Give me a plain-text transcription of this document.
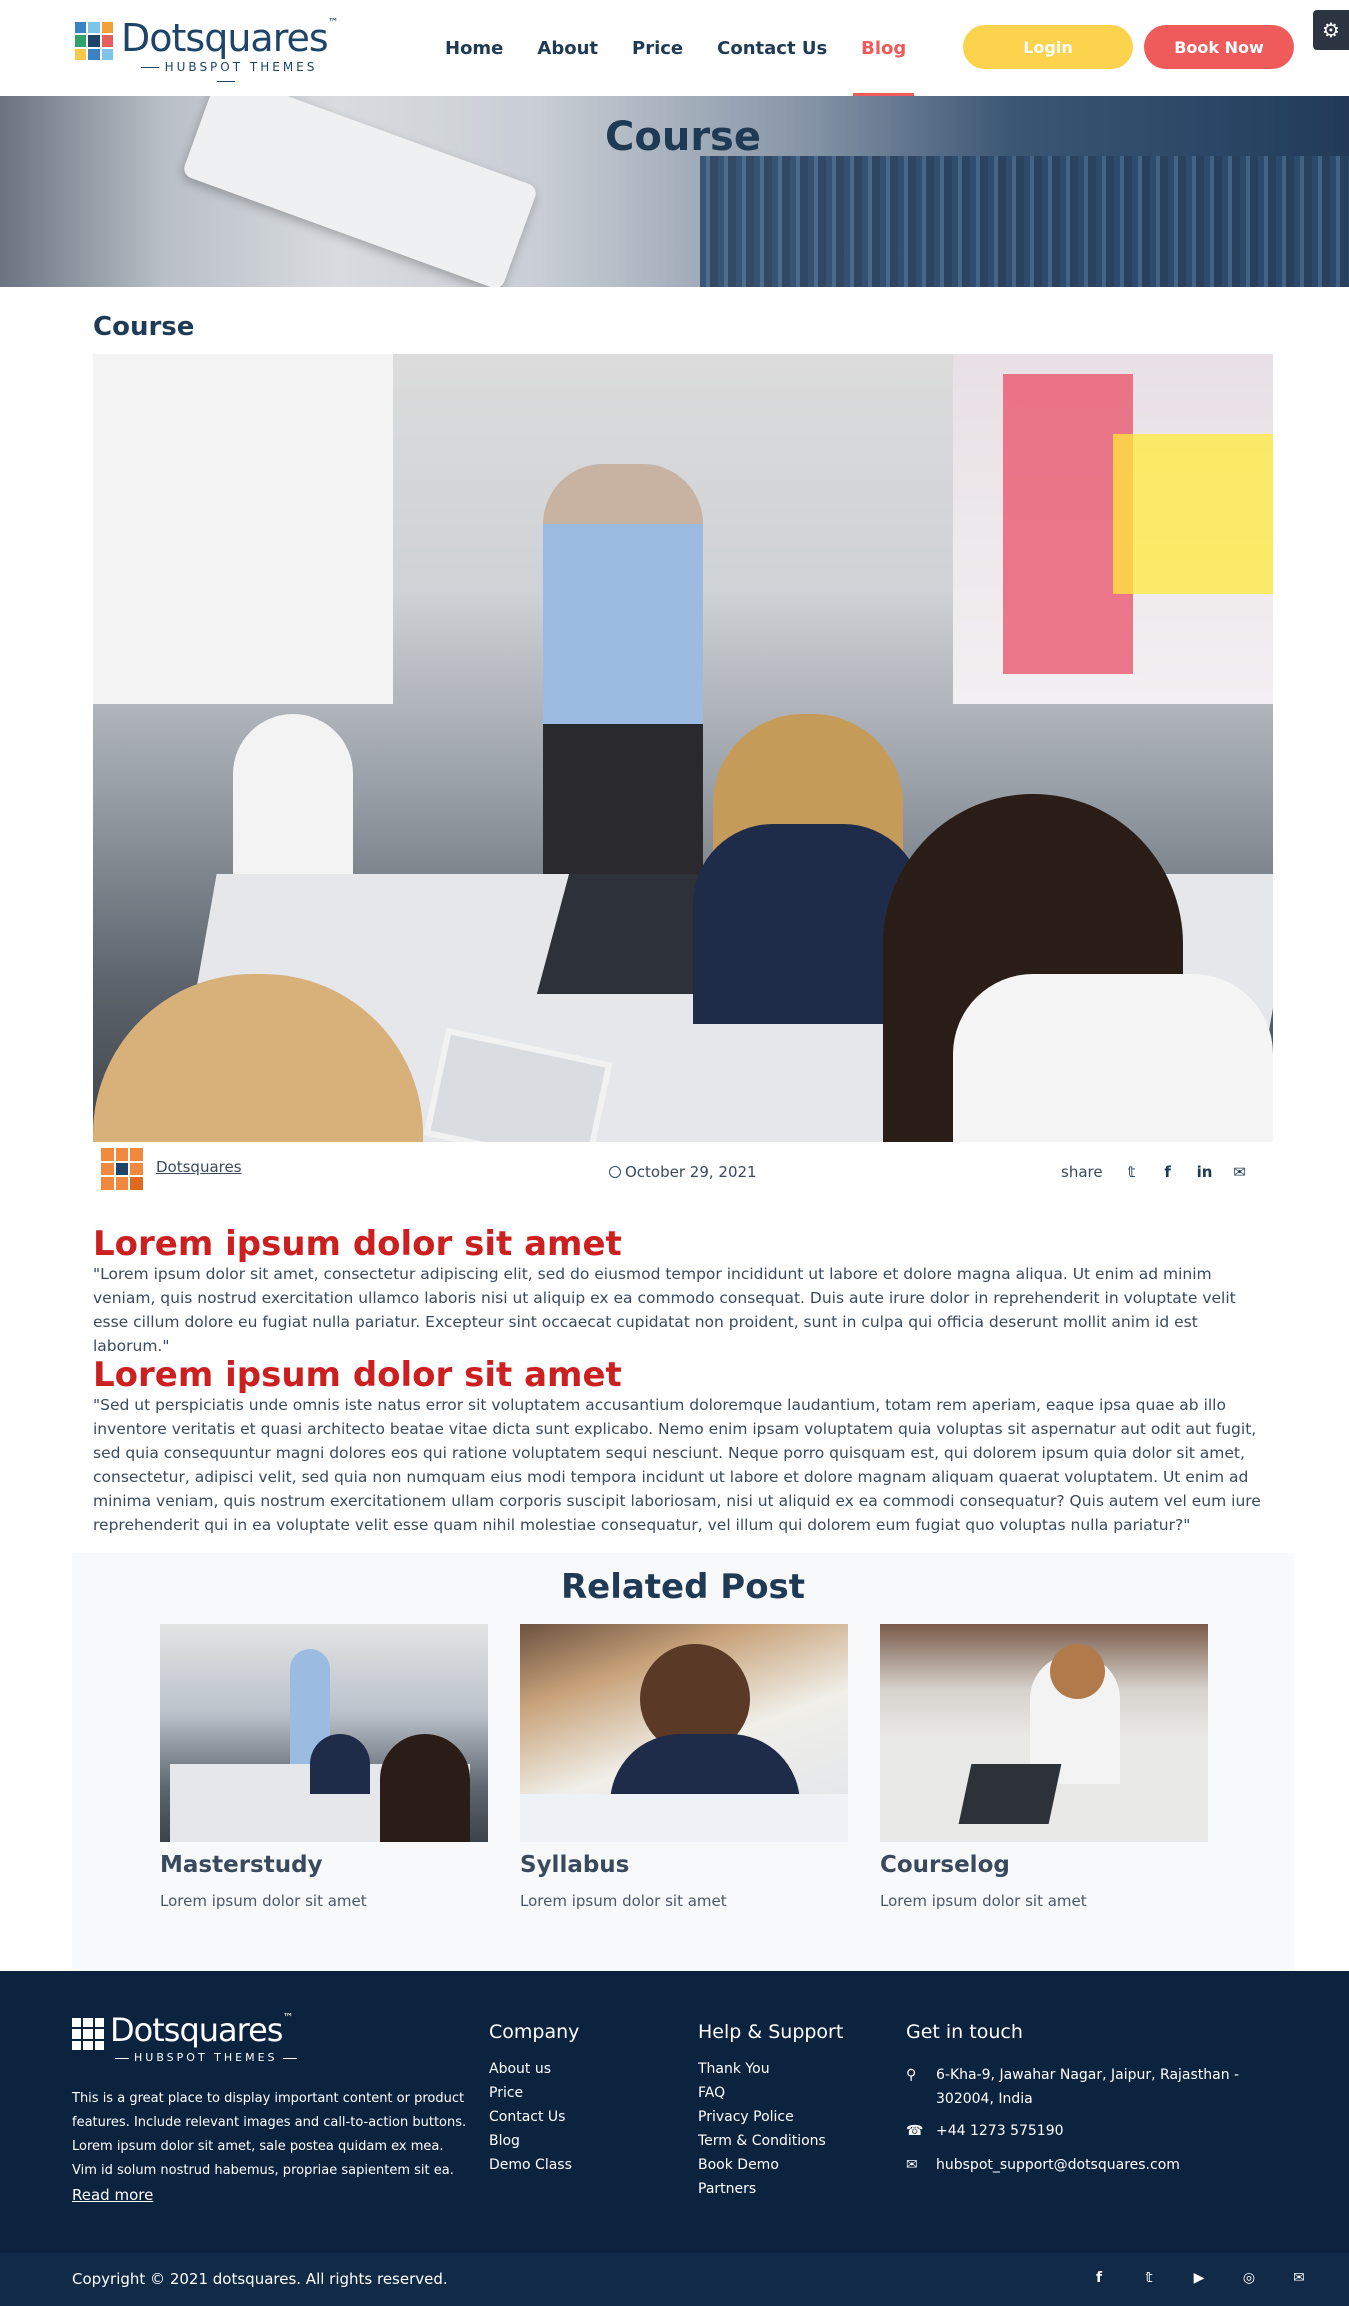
Dotsquares™
HUBSPOT THEMES
Home About Price Contact Us Blog	Login	Book Now
⚙
Course
Course
Dotsquares	October 29, 2021	share 𝕥 f in ✉
Lorem ipsum dolor sit amet
"Lorem ipsum dolor sit amet, consectetur adipiscing elit, sed do eiusmod tempor incididunt ut labore et dolore magna aliqua. Ut enim ad minim veniam, quis nostrud exercitation ullamco laboris nisi ut aliquip ex ea commodo consequat. Duis aute irure dolor in reprehenderit in voluptate velit esse cillum dolore eu fugiat nulla pariatur. Excepteur sint occaecat cupidatat non proident, sunt in culpa qui officia deserunt mollit anim id est laborum."
Lorem ipsum dolor sit amet
"Sed ut perspiciatis unde omnis iste natus error sit voluptatem accusantium doloremque laudantium, totam rem aperiam, eaque ipsa quae ab illo inventore veritatis et quasi architecto beatae vitae dicta sunt explicabo. Nemo enim ipsam voluptatem quia voluptas sit aspernatur aut odit aut fugit, sed quia consequuntur magni dolores eos qui ratione voluptatem sequi nesciunt. Neque porro quisquam est, qui dolorem ipsum quia dolor sit amet, consectetur, adipisci velit, sed quia non numquam eius modi tempora incidunt ut labore et dolore magnam aliquam quaerat voluptatem. Ut enim ad minima veniam, quis nostrum exercitationem ullam corporis suscipit laboriosam, nisi ut aliquid ex ea commodi consequatur? Quis autem vel eum iure reprehenderit qui in ea voluptate velit esse quam nihil molestiae consequatur, vel illum qui dolorem eum fugiat quo voluptas nulla pariatur?"
Related Post
Masterstudy
Lorem ipsum dolor sit amet
Syllabus
Lorem ipsum dolor sit amet
Courselog
Lorem ipsum dolor sit amet
Dotsquares™
HUBSPOT THEMES
This is a great place to display important content or product features. Include relevant images and call-to-action buttons. Lorem ipsum dolor sit amet, sale postea quidam ex mea. Vim id solum nostrud habemus, propriae sapientem sit ea. Read more
Company
About us
Price
Contact Us
Blog
Demo Class
Help & Support
Thank You
FAQ
Privacy Police
Term & Conditions
Book Demo
Partners
Get in touch
⚲	6-Kha-9, Jawahar Nagar, Jaipur, Rajasthan - 302004, India
☎ +44 1273 575190
✉	hubspot_support@dotsquares.com
Copyright © 2021 dotsquares. All rights reserved.	f	𝕥	▶	◎	✉
